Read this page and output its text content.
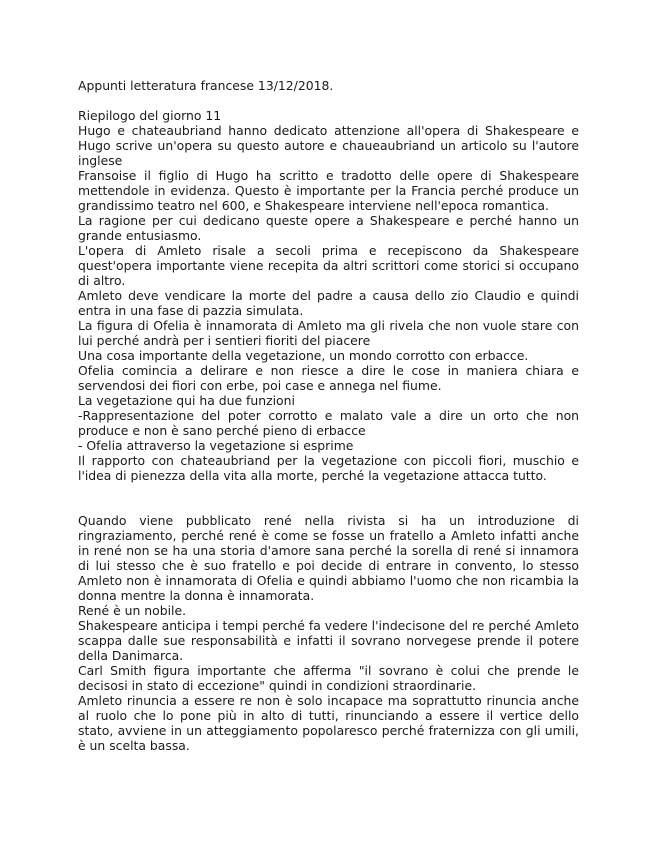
Appunti letteratura francese 13/12/2018.

Riepilogo del giorno 11

Hugo e chateaubriand hanno dedicato attenzione all'opera di Shakespeare e Hugo scrive un'opera su questo autore e chaueaubriand un articolo su l'autore inglese

Fransoise il figlio di Hugo ha scritto e tradotto delle opere di Shakespeare mettendole in evidenza. Questo è importante per la Francia perché produce un grandissimo teatro nel 600, e Shakespeare interviene nell'epoca romantica.

La ragione per cui dedicano queste opere a Shakespeare e perché hanno un grande entusiasmo.

L'opera di Amleto risale a secoli prima e recepiscono da Shakespeare quest'opera importante viene recepita da altri scrittori come storici si occupano di altro.

Amleto deve vendicare la morte del padre a causa dello zio Claudio e quindi entra in una fase di pazzia simulata.

La figura di Ofelia è innamorata di Amleto ma gli rivela che non vuole stare con lui perché andrà per i sentieri fioriti del piacere

Una cosa importante della vegetazione, un mondo corrotto con erbacce.

Ofelia comincia a delirare e non riesce a dire le cose in maniera chiara e servendosi dei fiori con erbe, poi case e annega nel fiume.

La vegetazione qui ha due funzioni

-Rappresentazione del poter corrotto e malato vale a dire un orto che non produce e non è sano perché pieno di erbacce

- Ofelia attraverso la vegetazione si esprime

Il rapporto con chateaubriand per la vegetazione con piccoli fiori, muschio e l'idea di pienezza della vita alla morte, perché la vegetazione attacca tutto.

Quando viene pubblicato rené nella rivista si ha un introduzione di ringraziamento, perché rené è come se fosse un fratello a Amleto infatti anche in rené non se ha una storia d'amore sana perché la sorella di rené si innamora di lui stesso che è suo fratello e poi decide di entrare in convento, lo stesso Amleto non è innamorata di Ofelia e quindi abbiamo l'uomo che non ricambia la donna mentre la donna è innamorata.

René è un nobile.

Shakespeare anticipa i tempi perché fa vedere l'indecisone del re perché Amleto scappa dalle sue responsabilità e infatti il sovrano norvegese prende il potere della Danimarca.

Carl Smith figura importante che afferma "il sovrano è colui che prende le decisosi in stato di eccezione" quindi in condizioni straordinarie.

Amleto rinuncia a essere re non è solo incapace ma soprattutto rinuncia anche al ruolo che lo pone più in alto di tutti, rinunciando a essere il vertice dello stato, avviene in un atteggiamento popolaresco perché fraternizza con gli umili, è un scelta bassa.
